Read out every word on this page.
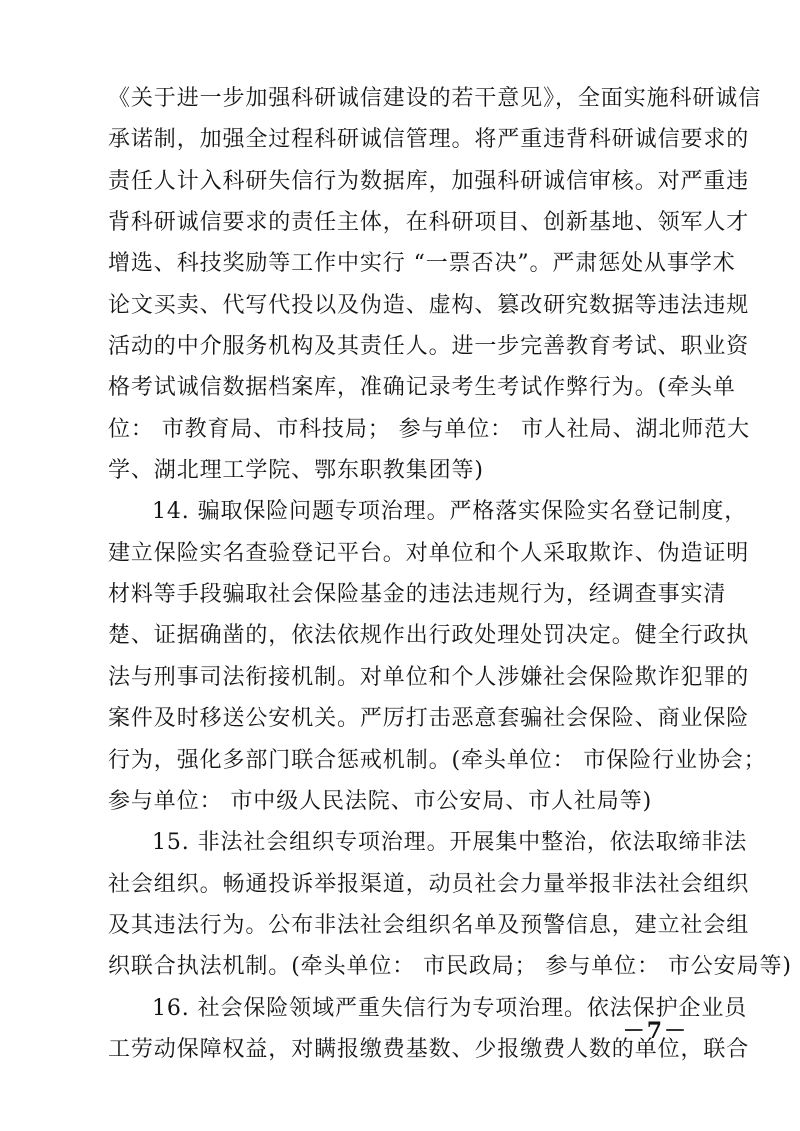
《关于进一步加强科研诚信建设的若干意见》，全面实施科研诚信
承诺制，加强全过程科研诚信管理。将严重违背科研诚信要求的
责任人计入科研失信行为数据库，加强科研诚信审核。对严重违
背科研诚信要求的责任主体，在科研项目、创新基地、领军人才
增选、科技奖励等工作中实行 “一票否决”。严肃惩处从事学术
论文买卖、代写代投以及伪造、虚构、篡改研究数据等违法违规
活动的中介服务机构及其责任人。进一步完善教育考试、职业资
格考试诚信数据档案库，准确记录考生考试作弊行为。(牵头单
位： 市教育局、市科技局； 参与单位： 市人社局、湖北师范大
学、湖北理工学院、鄂东职教集团等)
14. 骗取保险问题专项治理。严格落实保险实名登记制度，
建立保险实名查验登记平台。对单位和个人采取欺诈、伪造证明
材料等手段骗取社会保险基金的违法违规行为，经调查事实清
楚、证据确凿的，依法依规作出行政处理处罚决定。健全行政执
法与刑事司法衔接机制。对单位和个人涉嫌社会保险欺诈犯罪的
案件及时移送公安机关。严厉打击恶意套骗社会保险、商业保险
行为，强化多部门联合惩戒机制。(牵头单位： 市保险行业协会；
参与单位： 市中级人民法院、市公安局、市人社局等)
15. 非法社会组织专项治理。开展集中整治，依法取缔非法
社会组织。畅通投诉举报渠道，动员社会力量举报非法社会组织
及其违法行为。公布非法社会组织名单及预警信息，建立社会组
织联合执法机制。(牵头单位： 市民政局； 参与单位： 市公安局等)
16. 社会保险领域严重失信行为专项治理。依法保护企业员
工劳动保障权益，对瞒报缴费基数、少报缴费人数的单位，联合
－7－
